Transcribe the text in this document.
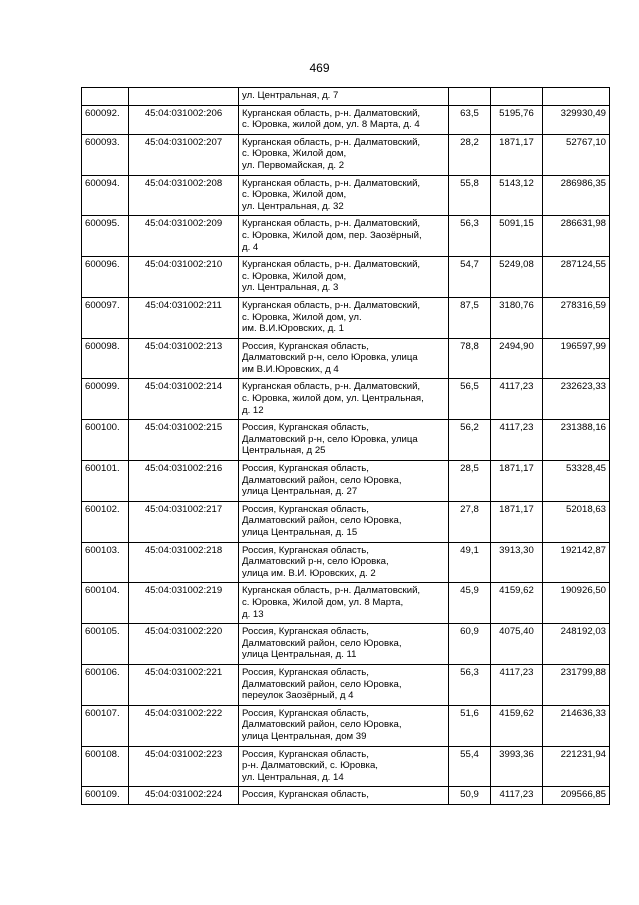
469

		ул. Центральная, д. 7			

600092.	45:04:031002:206	Курганская область, р-н. Далматовский,
с. Юровка, жилой дом, ул. 8 Марта, д. 4	63,5	5195,76	329930,49
600093.	45:04:031002:207	Курганская область, р-н. Далматовский,
с. Юровка, Жилой дом,
ул. Первомайская, д. 2	28,2	1871,17	52767,10
600094.	45:04:031002:208	Курганская область, р-н. Далматовский,
с. Юровка, Жилой дом,
ул. Центральная, д. 32	55,8	5143,12	286986,35
600095.	45:04:031002:209	Курганская область, р-н. Далматовский,
с. Юровка, Жилой дом, пер. Заозёрный,
д. 4	56,3	5091,15	286631,98
600096.	45:04:031002:210	Курганская область, р-н. Далматовский,
с. Юровка, Жилой дом,
ул. Центральная, д. 3	54,7	5249,08	287124,55
600097.	45:04:031002:211	Курганская область, р-н. Далматовский,
с. Юровка, Жилой дом, ул.
им. В.И.Юровских, д. 1	87,5	3180,76	278316,59
600098.	45:04:031002:213	Россия, Курганская область,
Далматовский р-н, село Юровка, улица
им В.И.Юровских, д 4	78,8	2494,90	196597,99
600099.	45:04:031002:214	Курганская область, р-н. Далматовский,
с. Юровка, жилой дом, ул. Центральная,
д. 12	56,5	4117,23	232623,33
600100.	45:04:031002:215	Россия, Курганская область,
Далматовский р-н, село Юровка, улица
Центральная, д 25	56,2	4117,23	231388,16
600101.	45:04:031002:216	Россия, Курганская область,
Далматовский район, село Юровка,
улица Центральная, д. 27	28,5	1871,17	53328,45
600102.	45:04:031002:217	Россия, Курганская область,
Далматовский район, село Юровка,
улица Центральная, д. 15	27,8	1871,17	52018,63
600103.	45:04:031002:218	Россия, Курганская область,
Далматовский р-н, село Юровка,
улица им. В.И. Юровских, д. 2	49,1	3913,30	192142,87
600104.	45:04:031002:219	Курганская область, р-н. Далматовский,
с. Юровка, Жилой дом, ул. 8 Марта,
д. 13	45,9	4159,62	190926,50
600105.	45:04:031002:220	Россия, Курганская область,
Далматовский район, село Юровка,
улица Центральная, д. 11	60,9	4075,40	248192,03
600106.	45:04:031002:221	Россия, Курганская область,
Далматовский район, село Юровка,
переулок Заозёрный, д 4	56,3	4117,23	231799,88
600107.	45:04:031002:222	Россия, Курганская область,
Далматовский район, село Юровка,
улица Центральная, дом 39	51,6	4159,62	214636,33
600108.	45:04:031002:223	Россия, Курганская область,
р-н. Далматовский, с. Юровка,
ул. Центральная, д. 14	55,4	3993,36	221231,94
600109.	45:04:031002:224	Россия, Курганская область,	50,9	4117,23	209566,85
